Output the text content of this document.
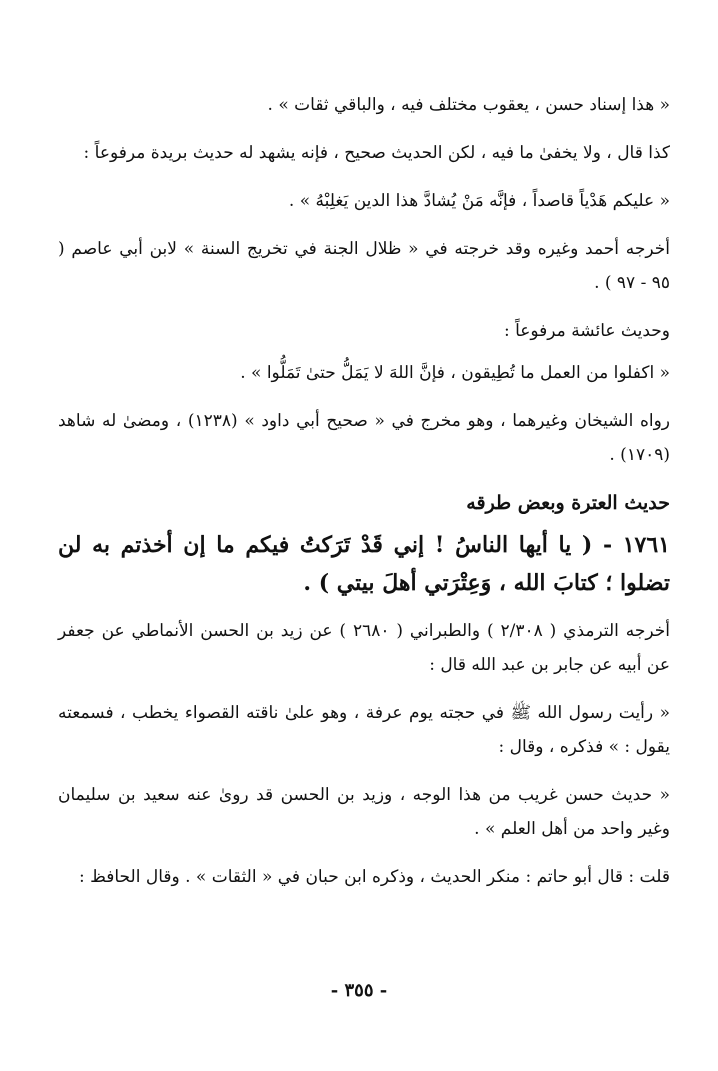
« هذا إسناد حسن ، يعقوب مختلف فيه ، والباقي ثقات » .

كذا قال ، ولا يخفىٰ ما فيه ، لكن الحديث صحيح ، فإنه يشهد له حديث بريدة مرفوعاً :

« عليكم هَدْياً قاصداً ، فإنَّه مَنْ يُشادَّ هذا الدين يَغلِبْهُ » .

أخرجه أحمد وغيره وقد خرجته في « ظلال الجنة في تخريج السنة » لابن أبي عاصم ( ٩٥ - ٩٧ ) .

وحديث عائشة مرفوعاً :

« اكفلوا من العمل ما تُطِيقون ، فإنَّ اللهَ لا يَمَلُّ حتىٰ تَمَلُّوا » .

رواه الشيخان وغيرهما ، وهو مخرج في « صحيح أبي داود » (١٢٣٨) ، ومضىٰ له شاهد (١٧٠٩) .

حديث العترة وبعض طرقه
١٧٦١ - ( يا أيها الناسُ ! إني قَدْ تَرَكتُ فيكم ما إن أخذتم به لن تضلوا ؛ كتابَ الله ، وَعِتْرَتي أهلَ بيتي ) .

أخرجه الترمذي ( ٢/٣٠٨ ) والطبراني ( ٢٦٨٠ ) عن زيد بن الحسن الأنماطي عن جعفر عن أبيه عن جابر بن عبد الله قال :

« رأيت رسول الله ﷺ في حجته يوم عرفة ، وهو علىٰ ناقته القصواء يخطب ، فسمعته يقول : » فذكره ، وقال :

« حديث حسن غريب من هذا الوجه ، وزيد بن الحسن قد روىٰ عنه سعيد بن سليمان وغير واحد من أهل العلم » .

قلت : قال أبو حاتم : منكر الحديث ، وذكره ابن حبان في « الثقات » . وقال الحافظ :

- ٣٥٥ -
